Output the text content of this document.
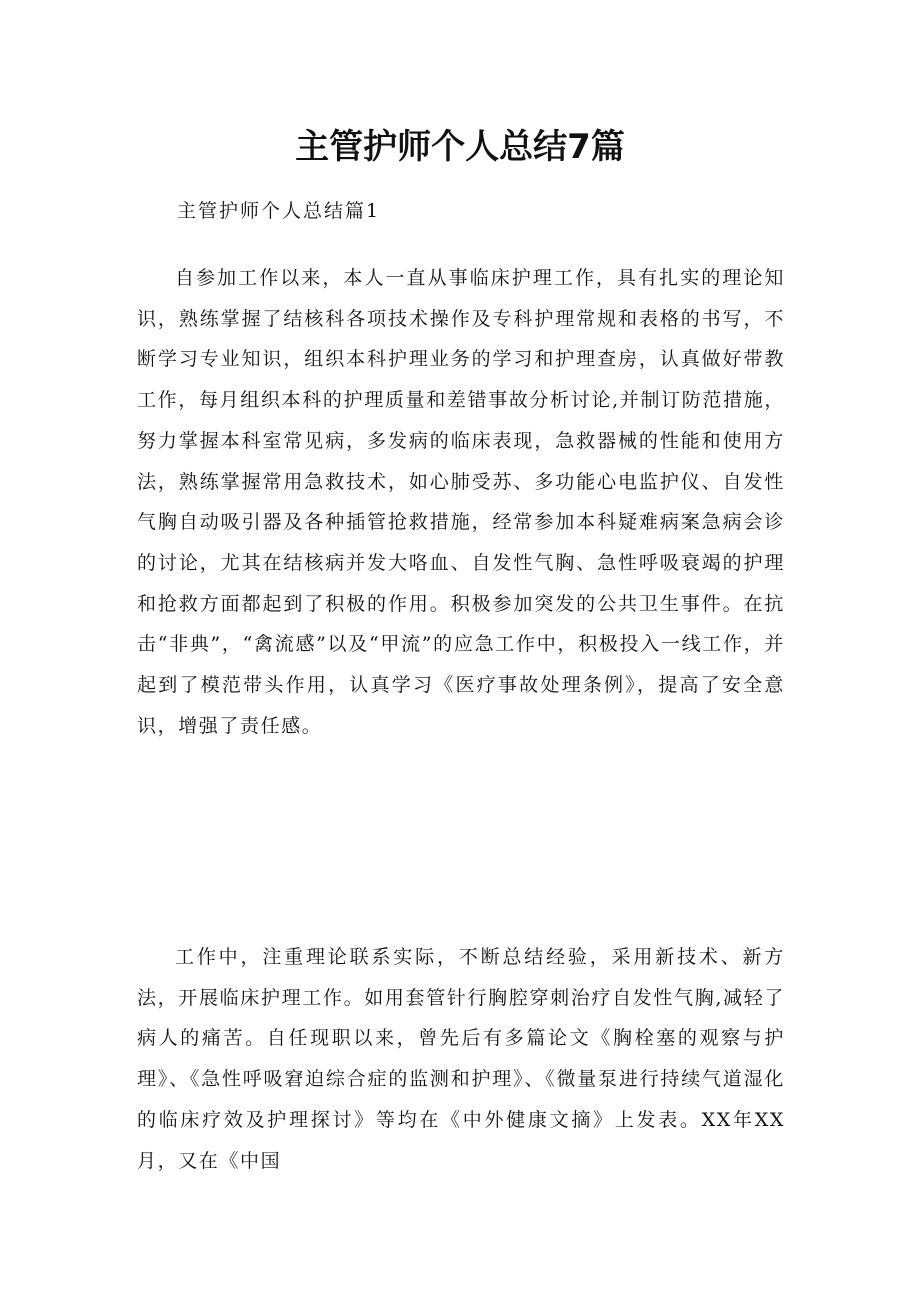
主管护师个人总结7篇

主管护师个人总结篇1

自参加工作以来，本人一直从事临床护理工作，具有扎实的理论知识，熟练掌握了结核科各项技术操作及专科护理常规和表格的书写，不断学习专业知识，组织本科护理业务的学习和护理查房，认真做好带教工作，每月组织本科的护理质量和差错事故分析讨论,并制订防范措施，努力掌握本科室常见病，多发病的临床表现，急救器械的性能和使用方法，熟练掌握常用急救技术，如心肺受苏、多功能心电监护仪、自发性气胸自动吸引器及各种插管抢救措施，经常参加本科疑难病案急病会诊的讨论，尤其在结核病并发大咯血、自发性气胸、急性呼吸衰竭的护理和抢救方面都起到了积极的作用。积极参加突发的公共卫生事件。在抗击“非典”，“禽流感”以及“甲流”的应急工作中，积极投入一线工作，并起到了模范带头作用，认真学习《医疗事故处理条例》，提高了安全意识，增强了责任感。

工作中，注重理论联系实际，不断总结经验，采用新技术、新方法，开展临床护理工作。如用套管针行胸腔穿刺治疗自发性气胸,减轻了病人的痛苦。自任现职以来，曾先后有多篇论文《胸栓塞的观察与护理》、《急性呼吸窘迫综合症的监测和护理》、《微量泵进行持续气道湿化的临床疗效及护理探讨》等均在《中外健康文摘》上发表。XX年XX月，又在《中国
